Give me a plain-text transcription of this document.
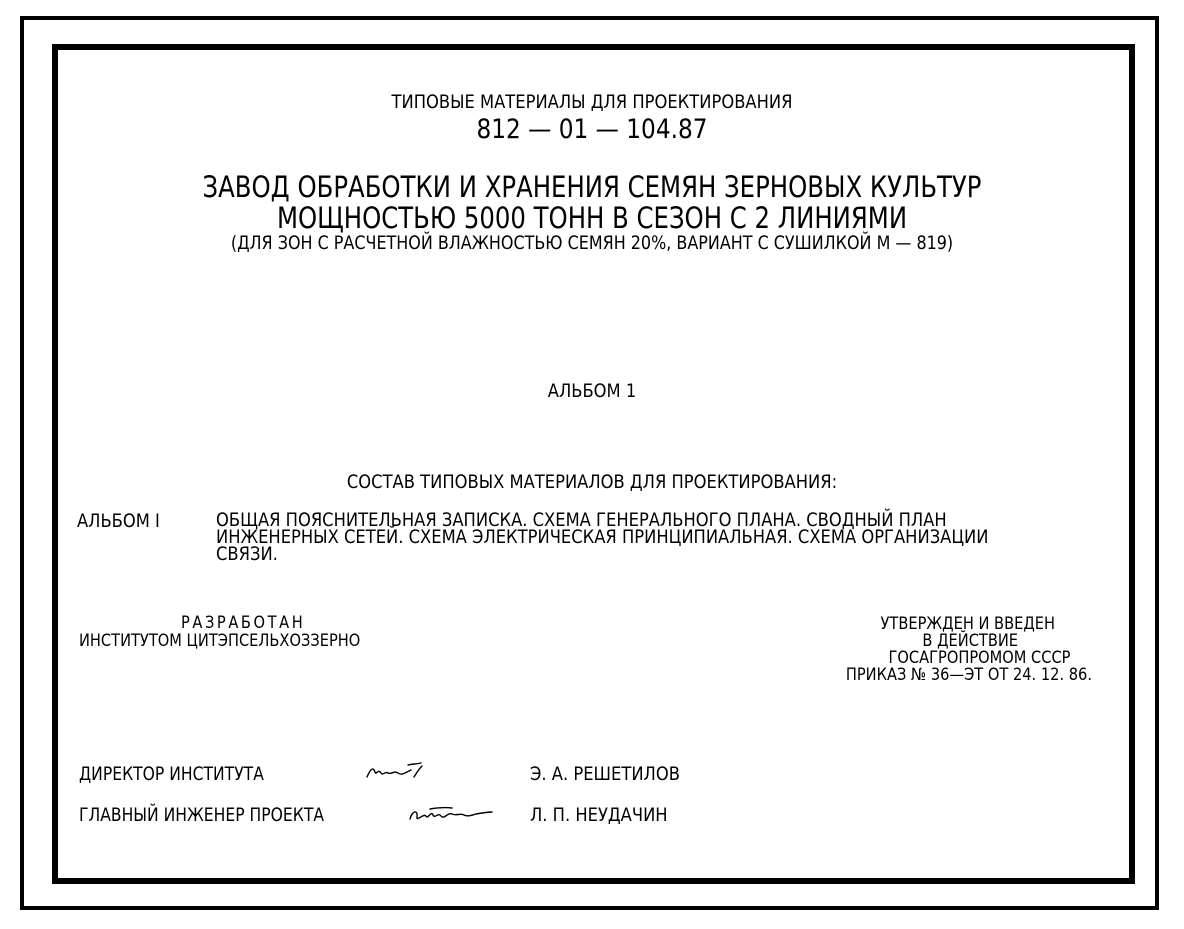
ТИПОВЫЕ МАТЕРИАЛЫ ДЛЯ ПРОЕКТИРОВАНИЯ
812 — 01 — 104.87
ЗАВОД ОБРАБОТКИ И ХРАНЕНИЯ СЕМЯН ЗЕРНОВЫХ КУЛЬТУР
МОЩНОСТЬЮ 5000 ТОНН В СЕЗОН С 2 ЛИНИЯМИ
(ДЛЯ ЗОН С РАСЧЕТНОЙ ВЛАЖНОСТЬЮ СЕМЯН 20%, ВАРИАНТ С СУШИЛКОЙ М — 819)
АЛЬБОМ 1
СОСТАВ ТИПОВЫХ МАТЕРИАЛОВ ДЛЯ ПРОЕКТИРОВАНИЯ:
АЛЬБОМ I	ОБЩАЯ ПОЯСНИТЕЛЬНАЯ ЗАПИСКА. СХЕМА ГЕНЕРАЛЬНОГО ПЛАНА. СВОДНЫЙ ПЛАН
ИНЖЕНЕРНЫХ СЕТЕЙ. СХЕМА ЭЛЕКТРИЧЕСКАЯ ПРИНЦИПИАЛЬНАЯ. СХЕМА ОРГАНИЗАЦИИ
СВЯЗИ.
РАЗРАБОТАН
ИНСТИТУТОМ ЦИТЭПСЕЛЬХОЗЗЕРНО
УТВЕРЖДЕН И ВВЕДЕН
В ДЕЙСТВИЕ
ГОСАГРОПРОМОМ СССР
ПРИКАЗ № 36—ЭТ ОТ 24. 12. 86.
ДИРЕКТОР ИНСТИТУТА	Э. А. РЕШЕТИЛОВ
ГЛАВНЫЙ ИНЖЕНЕР ПРОЕКТА	Л. П. НЕУДАЧИН
